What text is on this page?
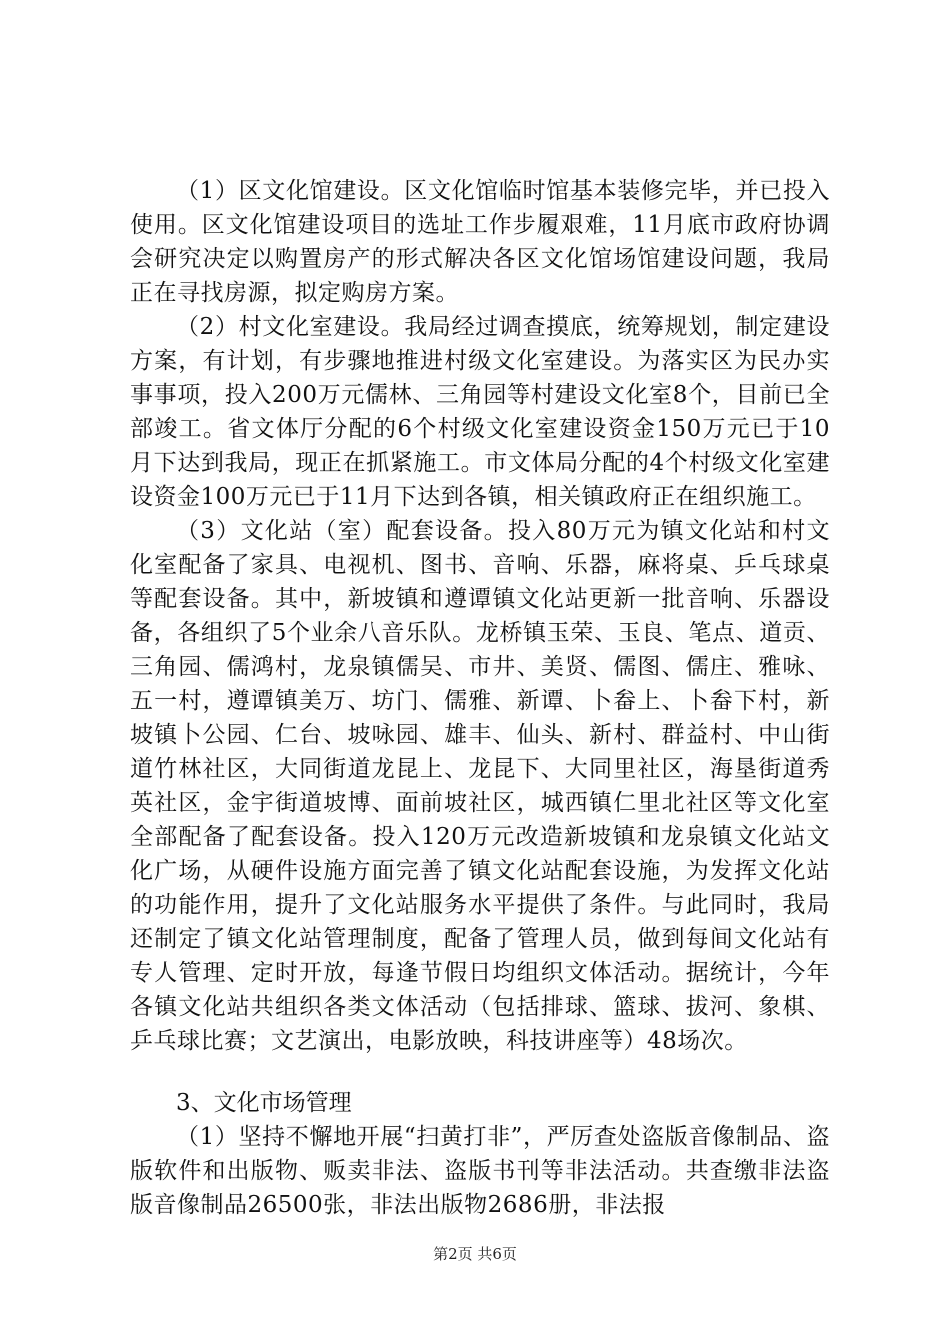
（1）区文化馆建设。区文化馆临时馆基本装修完毕，并已投入使用。区文化馆建设项目的选址工作步履艰难，11月底市政府协调会研究决定以购置房产的形式解决各区文化馆场馆建设问题，我局正在寻找房源，拟定购房方案。

（2）村文化室建设。我局经过调查摸底，统筹规划，制定建设方案，有计划，有步骤地推进村级文化室建设。为落实区为民办实事事项，投入200万元儒林、三角园等村建设文化室8个，目前已全部竣工。省文体厅分配的6个村级文化室建设资金150万元已于10月下达到我局，现正在抓紧施工。市文体局分配的4个村级文化室建设资金100万元已于11月下达到各镇，相关镇政府正在组织施工。

（3）文化站（室）配套设备。投入80万元为镇文化站和村文化室配备了家具、电视机、图书、音响、乐器，麻将桌、乒乓球桌等配套设备。其中，新坡镇和遵谭镇文化站更新一批音响、乐器设备，各组织了5个业余八音乐队。龙桥镇玉荣、玉良、笔点、道贡、三角园、儒鸿村，龙泉镇儒吴、市井、美贤、儒图、儒庄、雅咏、五一村，遵谭镇美万、坊门、儒雅、新谭、卜畚上、卜畚下村，新坡镇卜公园、仁台、坡咏园、雄丰、仙头、新村、群益村、中山街道竹林社区，大同街道龙昆上、龙昆下、大同里社区，海垦街道秀英社区，金宇街道坡博、面前坡社区，城西镇仁里北社区等文化室全部配备了配套设备。投入120万元改造新坡镇和龙泉镇文化站文化广场，从硬件设施方面完善了镇文化站配套设施，为发挥文化站的功能作用，提升了文化站服务水平提供了条件。与此同时，我局还制定了镇文化站管理制度，配备了管理人员，做到每间文化站有专人管理、定时开放，每逢节假日均组织文体活动。据统计，今年各镇文化站共组织各类文体活动（包括排球、篮球、拔河、象棋、乒乓球比赛；文艺演出，电影放映，科技讲座等）48场次。

3、文化市场管理

（1）坚持不懈地开展“扫黄打非”，严厉查处盗版音像制品、盗版软件和出版物、贩卖非法、盗版书刊等非法活动。共查缴非法盗版音像制品26500张，非法出版物2686册，非法报

第2页 共6页
